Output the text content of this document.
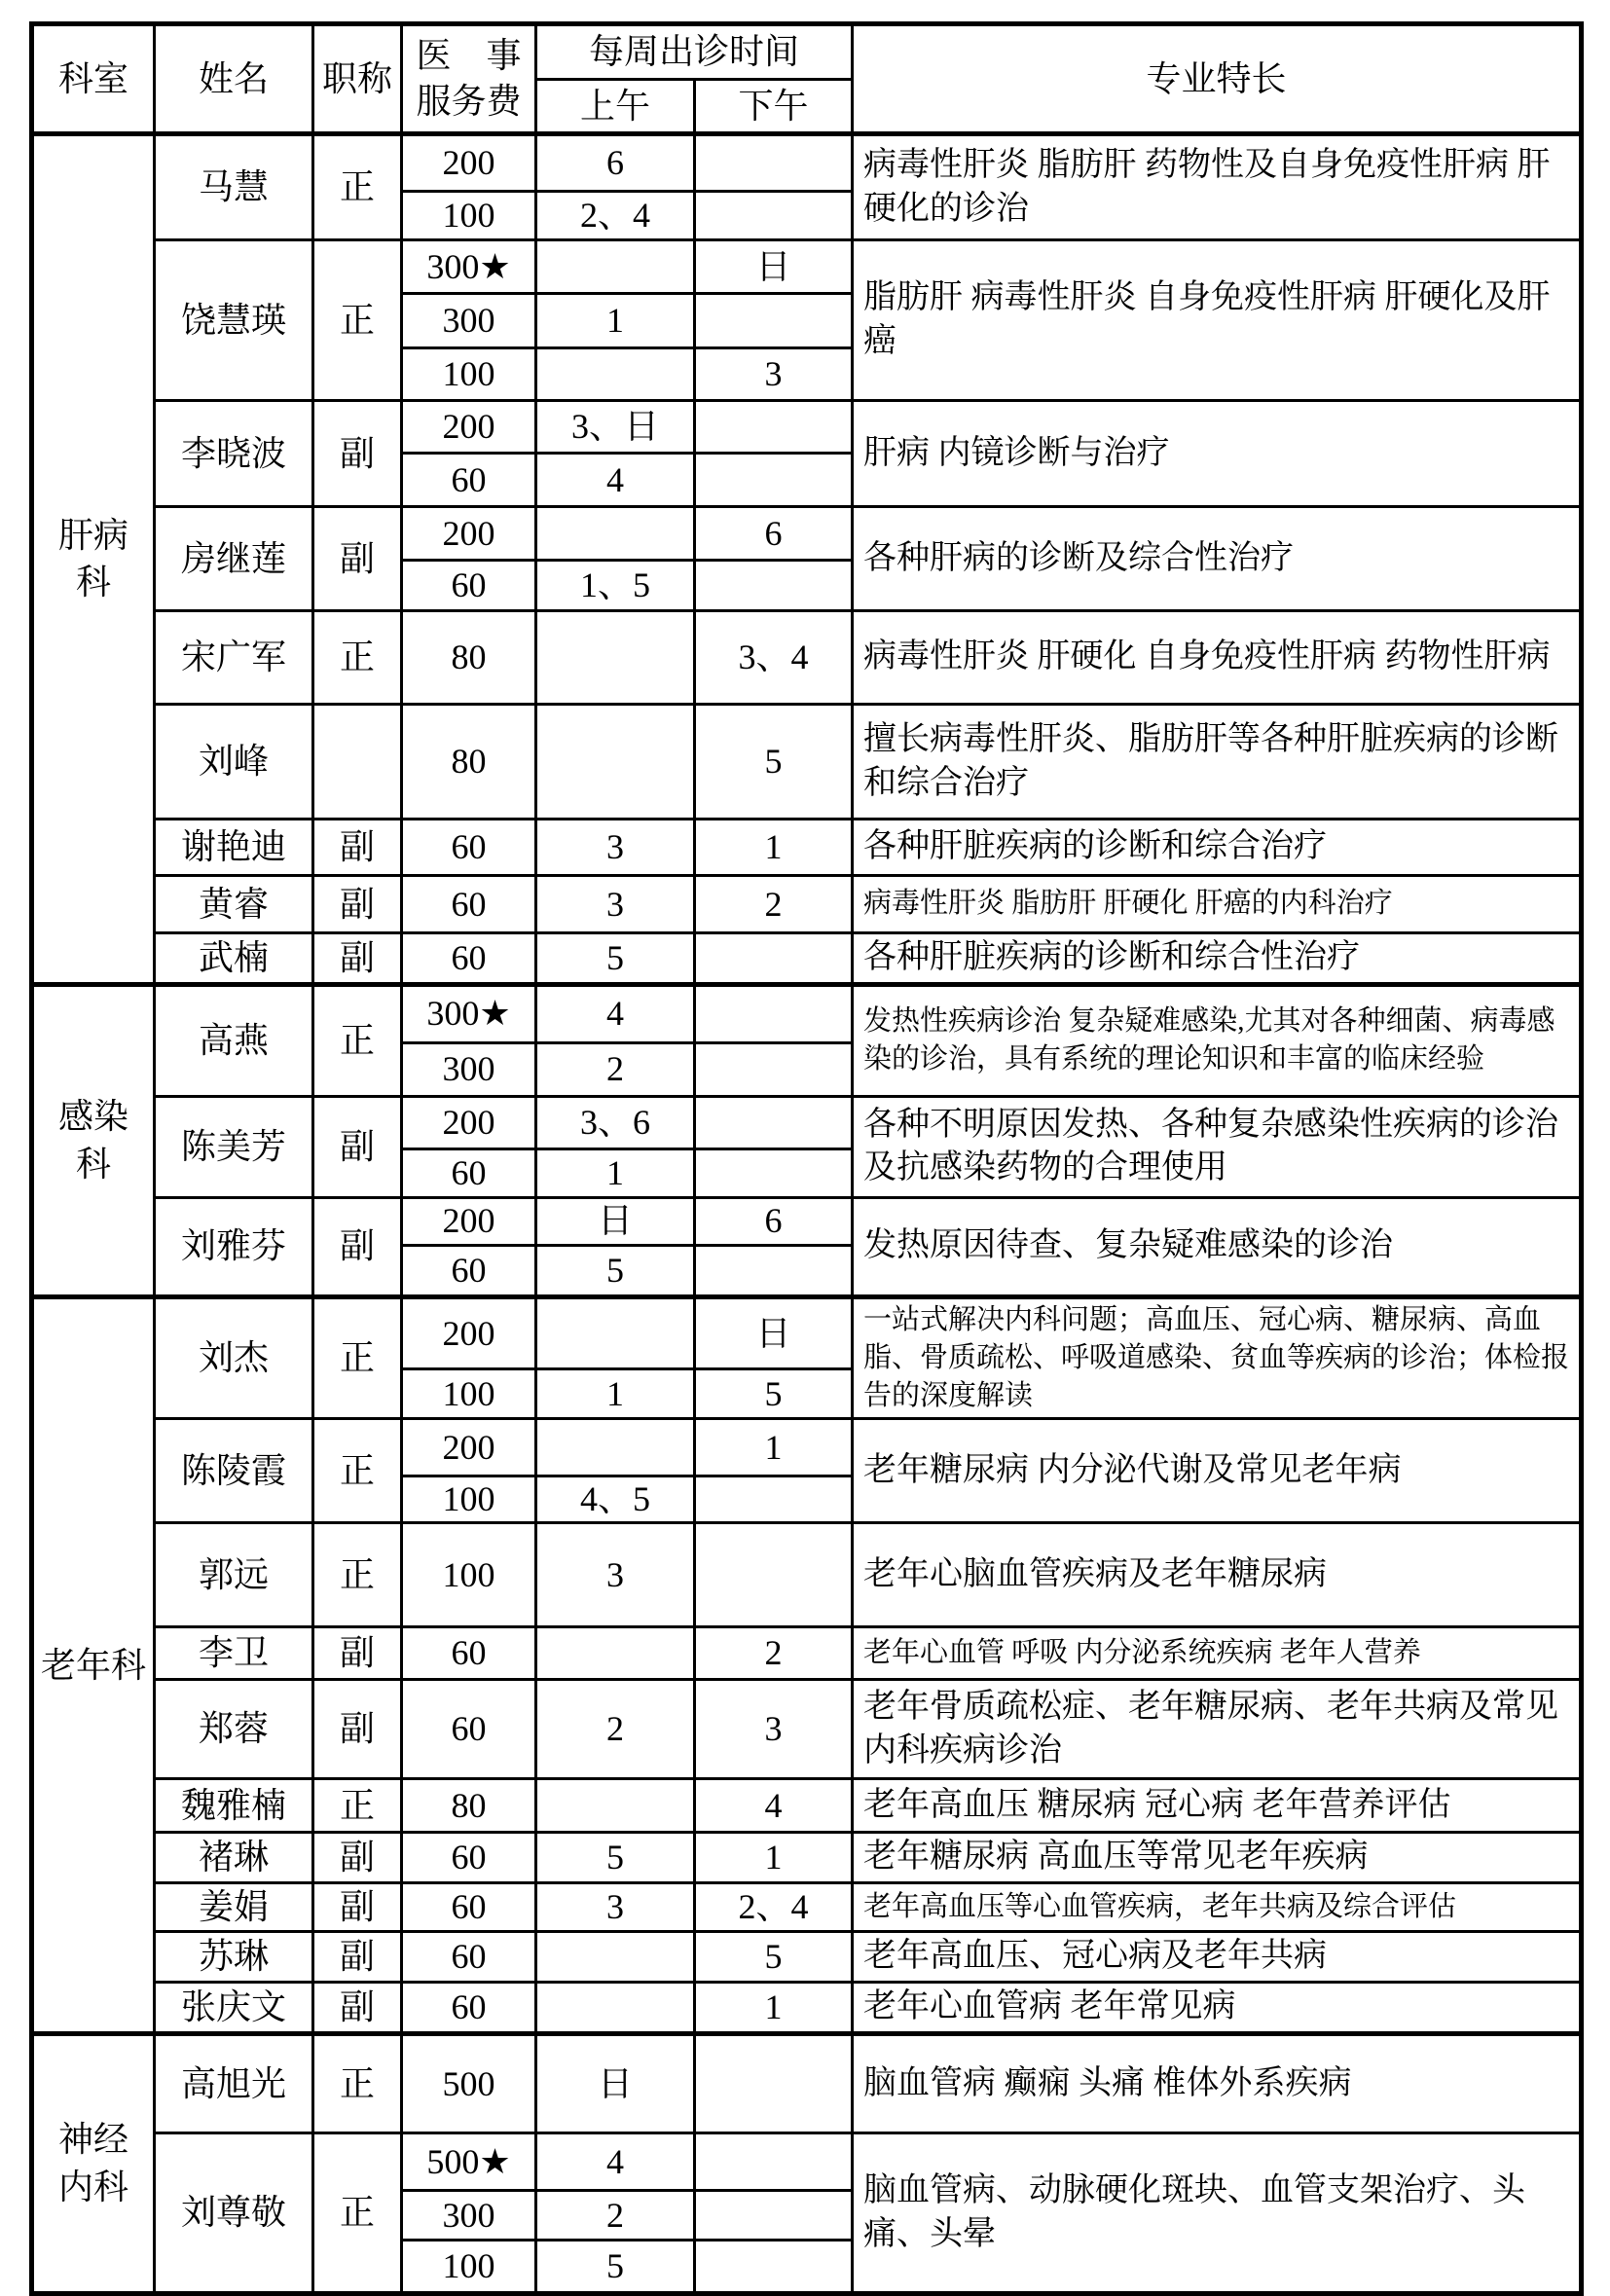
科室	姓名	职称	医　事
服务费	每周出诊时间		专业特长
				上午	下午	

肝病
科	马慧	正	200	6		病毒性肝炎 脂肪肝 药物性及自身免疫性肝病 肝硬化的诊治
			100	2、4		
	饶慧瑛	正	300★		日	脂肪肝 病毒性肝炎 自身免疫性肝病 肝硬化及肝癌
			300	1		
			100		3	
	李晓波	副	200	3、日		肝病 内镜诊断与治疗
			60	4		
	房继莲	副	200		6	各种肝病的诊断及综合性治疗
			60	1、5		
	宋广军	正	80		3、4	病毒性肝炎 肝硬化 自身免疫性肝病 药物性肝病
	刘峰		80		5	擅长病毒性肝炎、脂肪肝等各种肝脏疾病的诊断和综合治疗
	谢艳迪	副	60	3	1	各种肝脏疾病的诊断和综合治疗
	黄睿	副	60	3	2	病毒性肝炎 脂肪肝 肝硬化 肝癌的内科治疗
	武楠	副	60	5		各种肝脏疾病的诊断和综合性治疗

感染
科	高燕	正	300★	4		发热性疾病诊治 复杂疑难感染,尤其对各种细菌、病毒感染的诊治，具有系统的理论知识和丰富的临床经验
			300	2		
	陈美芳	副	200	3、6		各种不明原因发热、各种复杂感染性疾病的诊治及抗感染药物的合理使用
			60	1		
	刘雅芬	副	200	日	6	发热原因待查、复杂疑难感染的诊治
			60	5		

老年科	刘杰	正	200		日	一站式解决内科问题；高血压、冠心病、糖尿病、高血脂、骨质疏松、呼吸道感染、贫血等疾病的诊治；体检报告的深度解读
			100	1	5	
	陈陵霞	正	200		1	老年糖尿病 内分泌代谢及常见老年病
			100	4、5		
	郭远	正	100	3		老年心脑血管疾病及老年糖尿病
	李卫	副	60		2	老年心血管 呼吸 内分泌系统疾病 老年人营养
	郑蓉	副	60	2	3	老年骨质疏松症、老年糖尿病、老年共病及常见内科疾病诊治
	魏雅楠	正	80		4	老年高血压 糖尿病 冠心病 老年营养评估
	褚琳	副	60	5	1	老年糖尿病 高血压等常见老年疾病
	姜娟	副	60	3	2、4	老年高血压等心血管疾病，老年共病及综合评估
	苏琳	副	60		5	老年高血压、冠心病及老年共病
	张庆文	副	60		1	老年心血管病 老年常见病

神经
内科	高旭光	正	500	日		脑血管病 癫痫 头痛 椎体外系疾病
	刘尊敬	正	500★	4		脑血管病、动脉硬化斑块、血管支架治疗、头痛、头晕
			300	2		
			100	5		
